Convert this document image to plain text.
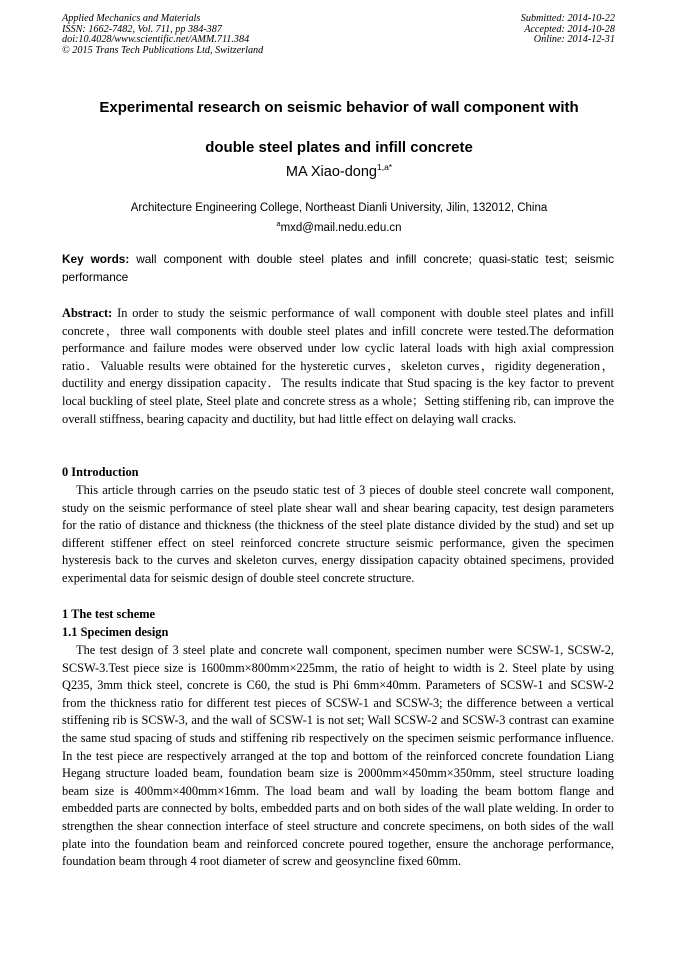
Applied Mechanics and Materials
ISSN: 1662-7482, Vol. 711, pp 384-387
doi:10.4028/www.scientific.net/AMM.711.384
© 2015 Trans Tech Publications Ltd, Switzerland
Submitted: 2014-10-22
Accepted: 2014-10-28
Online: 2014-12-31
Experimental research on seismic behavior of wall component with
double steel plates and infill concrete
MA Xiao-dong$^{1,a*}$
Architecture Engineering College, Northeast Dianli University, Jilin, 132012, China
$^a$mxd@mail.nedu.edu.cn
Key words: wall component with double steel plates and infill concrete; quasi-static test; seismic performance
Abstract: In order to study the seismic performance of wall component with double steel plates and infill concrete，three wall components with double steel plates and infill concrete were tested.The deformation performance and failure modes were observed under low cyclic lateral loads with high axial compression ratio．Valuable results were obtained for the hysteretic curves，skeleton curves，rigidity degeneration，ductility and energy dissipation capacity．The results indicate that Stud spacing is the key factor to prevent local buckling of steel plate, Steel plate and concrete stress as a whole；Setting stiffening rib, can improve the overall stiffness, bearing capacity and ductility, but had little effect on delaying wall cracks.
0 Introduction
This article through carries on the pseudo static test of 3 pieces of double steel concrete wall component, study on the seismic performance of steel plate shear wall and shear bearing capacity, test design parameters for the ratio of distance and thickness (the thickness of the steel plate distance divided by the stud) and set up different stiffener effect on steel reinforced concrete structure seismic performance, given the specimen hysteresis back to the curves and skeleton curves, energy dissipation capacity obtained specimens, provided experimental data for seismic design of double steel concrete structure.
1 The test scheme
1.1 Specimen design
The test design of 3 steel plate and concrete wall component, specimen number were SCSW-1, SCSW-2, SCSW-3.Test piece size is 1600mm×800mm×225mm, the ratio of height to width is 2. Steel plate by using Q235, 3mm thick steel, concrete is C60, the stud is Phi 6mm×40mm. Parameters of SCSW-1 and SCSW-2 from the thickness ratio for different test pieces of SCSW-1 and SCSW-3; the difference between a vertical stiffening rib is SCSW-3, and the wall of SCSW-1 is not set; Wall SCSW-2 and SCSW-3 contrast can examine the same stud spacing of studs and stiffening rib respectively on the specimen seismic performance influence. In the test piece are respectively arranged at the top and bottom of the reinforced concrete foundation Liang Hegang structure loaded beam, foundation beam size is 2000mm×450mm×350mm, steel structure loading beam size is 400mm×400mm×16mm. The load beam and wall by loading the beam bottom flange and embedded parts are connected by bolts, embedded parts and on both sides of the wall plate welding. In order to strengthen the shear connection interface of steel structure and concrete specimens, on both sides of the wall plate into the foundation beam and reinforced concrete poured together, ensure the anchorage performance, foundation beam through 4 root diameter of screw and geosyncline fixed 60mm.
